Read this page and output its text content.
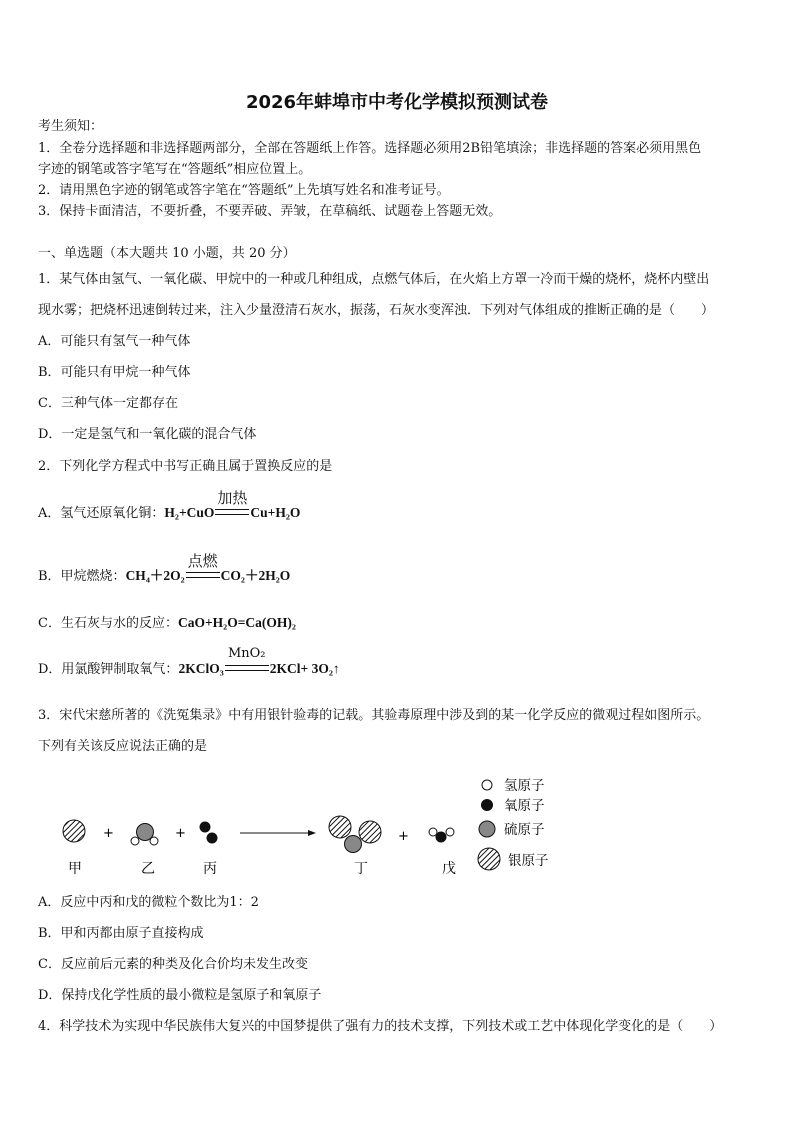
2026年蚌埠市中考化学模拟预测试卷
考生须知：
1．全卷分选择题和非选择题两部分，全部在答题纸上作答。选择题必须用2B铅笔填涂；非选择题的答案必须用黑色
字迹的钢笔或答字笔写在“答题纸”相应位置上。
2．请用黑色字迹的钢笔或答字笔在“答题纸”上先填写姓名和准考证号。
3．保持卡面清洁，不要折叠，不要弄破、弄皱，在草稿纸、试题卷上答题无效。
一、单选题（本大题共 10 小题，共 20 分）
1．某气体由氢气、一氧化碳、甲烷中的一种或几种组成，点燃气体后，在火焰上方罩一冷而干燥的烧杯，烧杯内壁出
现水雾；把烧杯迅速倒转过来，注入少量澄清石灰水，振荡，石灰水变浑浊．下列对气体组成的推断正确的是（　　）
A．可能只有氢气一种气体
B．可能只有甲烷一种气体
C．三种气体一定都存在
D．一定是氢气和一氧化碳的混合气体
2．下列化学方程式中书写正确且属于置换反应的是
A．氢气还原氧化铜：H₂+CuO
加热
Cu+H₂O
B．甲烷燃烧：CH₄＋2O₂
点燃
CO₂＋2H₂O
C．生石灰与水的反应：CaO+H₂O=Ca(OH)₂
D．用氯酸钾制取氧气：2KClO₃
MnO₂
2KCl+ 3O₂↑
3．宋代宋慈所著的《洗冤集录》中有用银针验毒的记载。其验毒原理中涉及到的某一化学反应的微观过程如图所示。
下列有关该反应说法正确的是
+	+	+
甲	乙	丙	丁	戊
氢原子
氧原子
硫原子
银原子
A．反应中丙和戊的微粒个数比为1：2
B．甲和丙都由原子直接构成
C．反应前后元素的种类及化合价均未发生改变
D．保持戊化学性质的最小微粒是氢原子和氧原子
4．科学技术为实现中华民族伟大复兴的中国梦提供了强有力的技术支撑，下列技术或工艺中体现化学变化的是（　　）
